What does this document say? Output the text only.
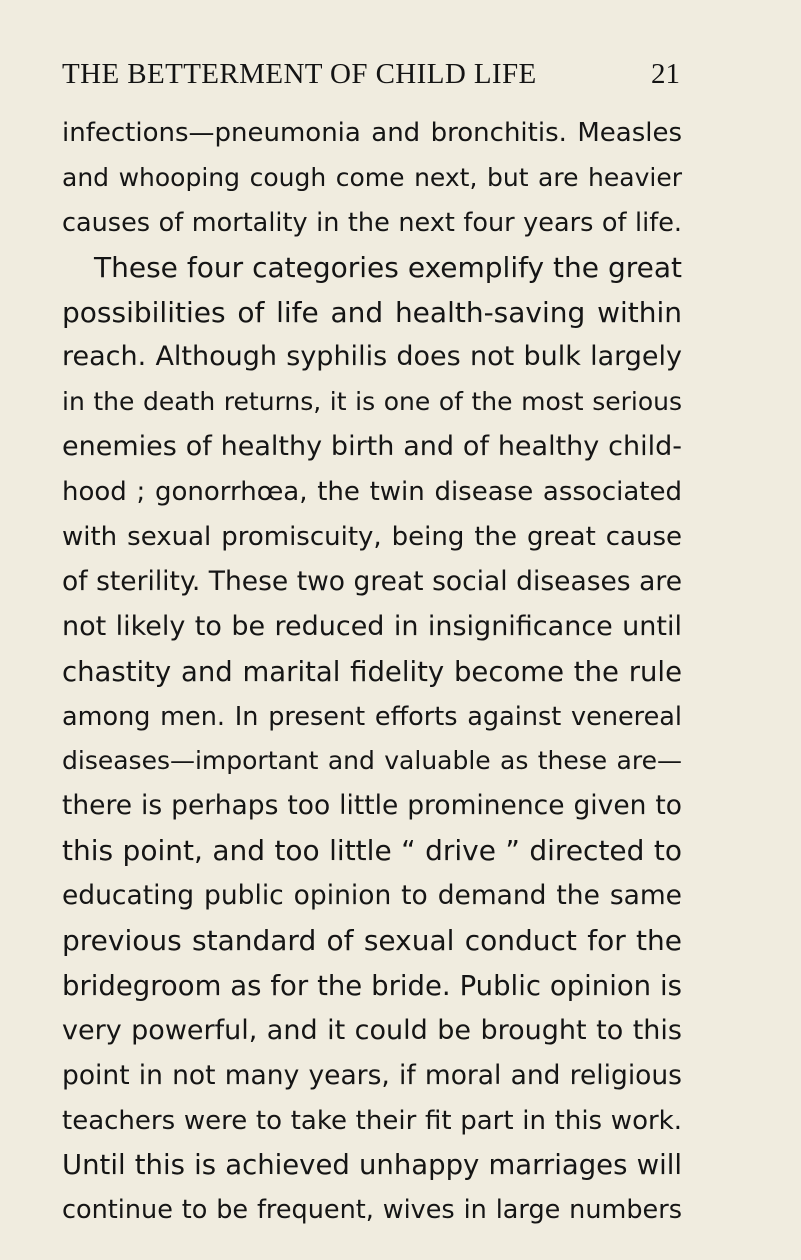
THE BETTERMENT OF CHILD LIFE	21
infections—pneumonia and bronchitis. Measles
and whooping cough come next, but are heavier
causes of mortality in the next four years of life.
These four categories exemplify the great
possibilities of life and health-saving within
reach. Although syphilis does not bulk largely
in the death returns, it is one of the most serious
enemies of healthy birth and of healthy child-
hood ; gonorrhœa, the twin disease associated
with sexual promiscuity, being the great cause
of sterility. These two great social diseases are
not likely to be reduced in insignificance until
chastity and marital fidelity become the rule
among men. In present efforts against venereal
diseases—important and valuable as these are—
there is perhaps too little prominence given to
this point, and too little “ drive ” directed to
educating public opinion to demand the same
previous standard of sexual conduct for the
bridegroom as for the bride. Public opinion is
very powerful, and it could be brought to this
point in not many years, if moral and religious
teachers were to take their fit part in this work.
Until this is achieved unhappy marriages will
continue to be frequent, wives in large numbers
